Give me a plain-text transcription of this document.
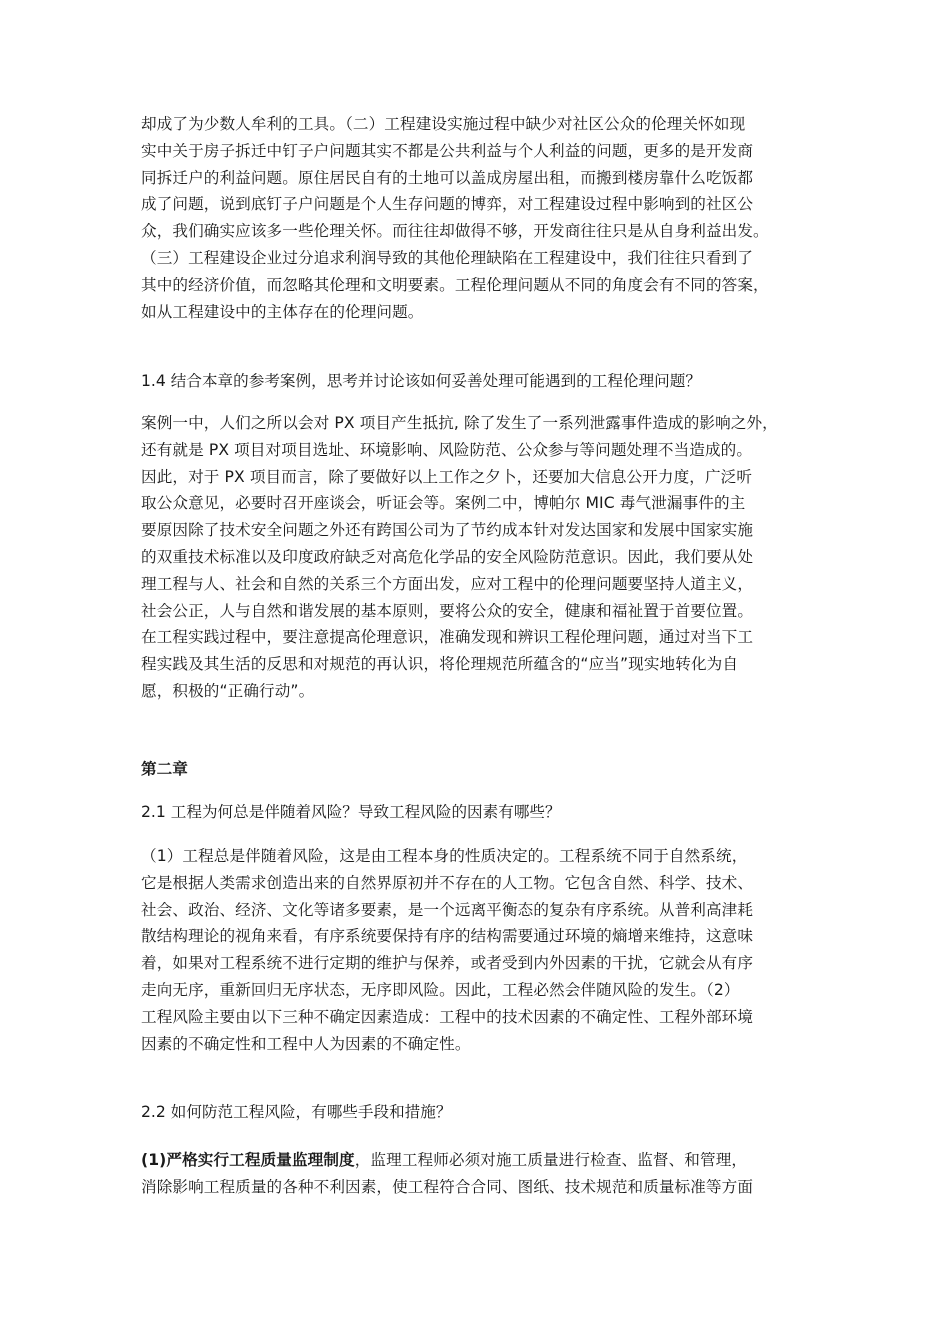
却成了为少数人牟利的工具。（二）工程建设实施过程中缺少对社区公众的伦理关怀如现
实中关于房子拆迁中钉子户问题其实不都是公共利益与个人利益的问题，更多的是开发商
同拆迁户的利益问题。原住居民自有的土地可以盖成房屋出租，而搬到楼房靠什么吃饭都
成了问题，说到底钉子户问题是个人生存问题的博弈，对工程建设过程中影响到的社区公
众，我们确实应该多一些伦理关怀。而往往却做得不够，开发商往往只是从自身利益出发。
（三）工程建设企业过分追求利润导致的其他伦理缺陷在工程建设中，我们往往只看到了
其中的经济价值，而忽略其伦理和文明要素。工程伦理问题从不同的角度会有不同的答案，
如从工程建设中的主体存在的伦理问题。
1.4 结合本章的参考案例，思考并讨论该如何妥善处理可能遇到的工程伦理问题？
案例一中，人们之所以会对 PX 项目产生抵抗, 除了发生了一系列泄露事件造成的影响之外，
还有就是 PX 项目对项目选址、环境影响、风险防范、公众参与等问题处理不当造成的。
因此，对于 PX 项目而言，除了要做好以上工作之夕卜，还要加大信息公开力度，广泛听
取公众意见，必要时召开座谈会，听证会等。案例二中，博帕尔 MIC 毒气泄漏事件的主
要原因除了技术安全问题之外还有跨国公司为了节约成本针对发达国家和发展中国家实施
的双重技术标准以及印度政府缺乏对高危化学品的安全风险防范意识。因此，我们要从处
理工程与人、社会和自然的关系三个方面出发，应对工程中的伦理问题要坚持人道主义，
社会公正，人与自然和谐发展的基本原则，要将公众的安全，健康和福祉置于首要位置。
在工程实践过程中，要注意提高伦理意识，准确发现和辨识工程伦理问题，通过对当下工
程实践及其生活的反思和对规范的再认识，将伦理规范所蕴含的“应当”现实地转化为自
愿，积极的“正确行动”。
第二章
2.1 工程为何总是伴随着风险？导致工程风险的因素有哪些？
（1）工程总是伴随着风险，这是由工程本身的性质决定的。工程系统不同于自然系统，
它是根据人类需求创造出来的自然界原初并不存在的人工物。它包含自然、科学、技术、
社会、政治、经济、文化等诸多要素，是一个远离平衡态的复杂有序系统。从普利高津耗
散结构理论的视角来看，有序系统要保持有序的结构需要通过环境的熵增来维持，这意味
着，如果对工程系统不进行定期的维护与保养，或者受到内外因素的干扰，它就会从有序
走向无序，重新回归无序状态，无序即风险。因此，工程必然会伴随风险的发生。（2）
工程风险主要由以下三种不确定因素造成：工程中的技术因素的不确定性、工程外部环境
因素的不确定性和工程中人为因素的不确定性。
2.2 如何防范工程风险，有哪些手段和措施？
(1)严格实行工程质量监理制度，监理工程师必须对施工质量进行检查、监督、和管理，
消除影响工程质量的各种不利因素，使工程符合合同、图纸、技术规范和质量标准等方面
